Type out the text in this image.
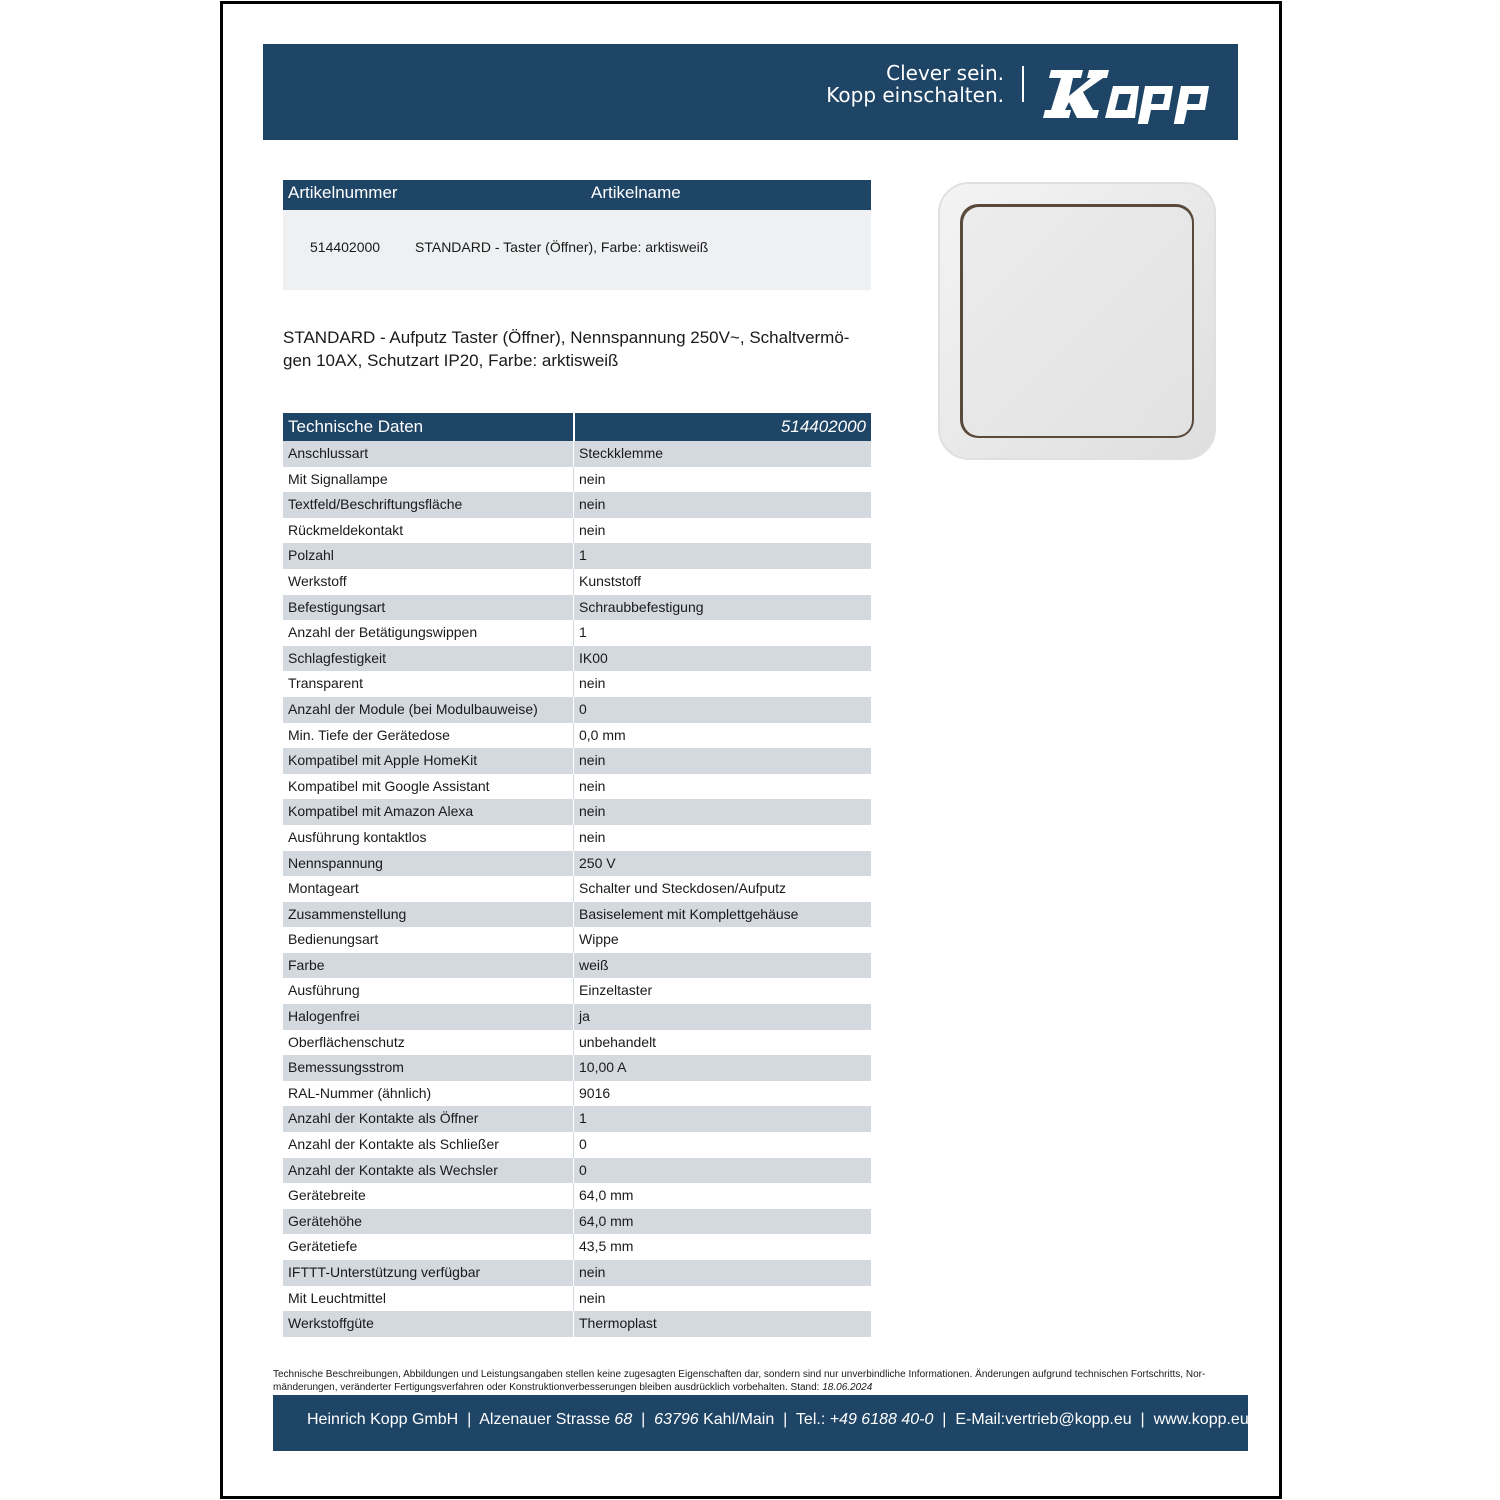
Clever sein.
Kopp einschalten.
Artikelnummer	Artikelname
514402000 STANDARD - Taster (Öffner), Farbe: arktisweiß
STANDARD - Aufputz Taster (Öffner), Nennspannung 250V~, Schaltvermö-
gen 10AX, Schutzart IP20, Farbe: arktisweiß
Technische Daten	514402000
Anschlussart	Steckklemme
Mit Signallampe	nein
Textfeld/Beschriftungsfläche	nein
Rückmeldekontakt	nein
Polzahl	1
Werkstoff	Kunststoff
Befestigungsart	Schraubbefestigung
Anzahl der Betätigungswippen	1
Schlagfestigkeit	IK00
Transparent	nein
Anzahl der Module (bei Modulbauweise)	0
Min. Tiefe der Gerätedose	0,0 mm
Kompatibel mit Apple HomeKit	nein
Kompatibel mit Google Assistant	nein
Kompatibel mit Amazon Alexa	nein
Ausführung kontaktlos	nein
Nennspannung	250 V
Montageart	Schalter und Steckdosen/Aufputz
Zusammenstellung	Basiselement mit Komplettgehäuse
Bedienungsart	Wippe
Farbe	weiß
Ausführung	Einzeltaster
Halogenfrei	ja
Oberflächenschutz	unbehandelt
Bemessungsstrom	10,00 A
RAL-Nummer (ähnlich)	9016
Anzahl der Kontakte als Öffner	1
Anzahl der Kontakte als Schließer	0
Anzahl der Kontakte als Wechsler	0
Gerätebreite	64,0 mm
Gerätehöhe	64,0 mm
Gerätetiefe	43,5 mm
IFTTT-Unterstützung verfügbar	nein
Mit Leuchtmittel	nein
Werkstoffgüte	Thermoplast
Technische Beschreibungen, Abbildungen und Leistungsangaben stellen keine zugesagten Eigenschaften dar, sondern sind nur unverbindliche Informationen. Änderungen aufgrund technischen Fortschritts, Nor-
mänderungen, veränderter Fertigungsverfahren oder Konstruktionverbesserungen bleiben ausdrücklich vorbehalten. Stand: 18.06.2024
Heinrich Kopp GmbH | Alzenauer Strasse 68 | 63796 Kahl/Main | Tel.: +49 6188 40-0 | E-Mail:vertrieb@kopp.eu | www.kopp.eu
